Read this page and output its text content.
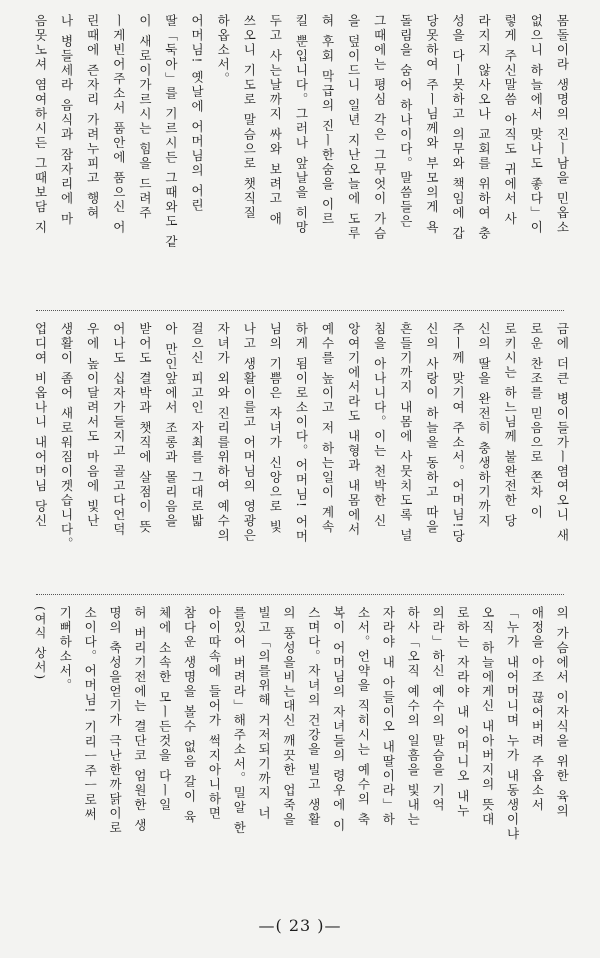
몸돌이라 생명의 진ㅣ남을 민옵소
없으니 하늘에서 맞나도 좋다」이
렇게 주신말씀 아직도 귀에서 사
라지지 않사오나 교회를 위하여 충
성을 다ㅣ못하고 의무와 책임에 갑
당못하여 주ㅣ님께와 부모의게 욕
돌림을 숨어 하나이다。말씀들은
그때에는 평심 각은 그무엇이 가슴
을 덮이드니 일년 지난오늘에 도루
혀 후회 막급의 진ㅣ한숨을 이르
킬 뿐입니다。그러나 앞날을 히망
두고 사는날까지 싸와 보려고 애
쓰오니 기도로 말슴으로 챗직질
하옵소서。
어머님! 옛날에 어머님의 어린
딸「둑아」를 기르시든 그때와도 같
이 새로이가르시는 힘을 드려주
ㅣ게빈어주소서 품안에 품으신 어
린때에 즌자리 가려누피고 행혀
나 병들세라 음식과 잠자리에 마
음못노셔 염여하시든 그때보담 지
금에 더큰 병이들가ㅣ염여오니 새
로운 찬조를 믿음으로 쫀차 이
로키시는 하느님께 불완전한 당
신의 딸을 완전히 충생하기까지
주ㅣ께 맞기여 주소서。어머님!당
신의 사랑이 하늘을 동하고 따을
흔들기까지 내몸에 사뭇치도록 널
침을 아나니다。이는 천박한 신
앙여기에서라도 내형과 내몸에서
예수를 높이고 저 하는일이 계속
하게 됨이로소이다。어머님! 어머
님의 기쁨은 자녀가 신앙으로 빛
나고 생활이를고 어머님의 영광은
자녀가 외와 진리를위하여 예수의
걸으신 피고인 자최를 그대로밟
아 만인앞에서 조롱과 몰리음을
받어도 결박과 챗직에 살점이 뜻
어나도 십자가들지고 골고다언덕
우에 높이달려서도 마음에 빛난
생활이 좀어 새로워짐이겟습니다。
업디여 비옵나니 내어머님 당신
의 가슴에서 이자식을 위한 육의
애정을 아조 끊어버려 주옵소서
「누가 내어머니며 누가 내동생이냐
오직 하늘에게신 내아버지의 뜻대
로하는 자라야 내 어머니오 내누
의라」하신 예수의 말슴을 기억
하사「오직 예수의 일흠을 빛내는
자라야 내 아들이오 내딸이라」하
소서。언약을 직히시는 예수의 축
복이 어머님의 자녀들의 령우에 이
스며다。자녀의 건강을 빌고 생활
의 풍성을비는대신 깨끗한 업죽을
빌고「의를위해 거저되기까지 너
를있어 버려라」해주소서。밀알 한
아이따속에 들어가 썩지아니하면
참다운 생명을 볼수 없음 갈이 육
체에 소속한 모ㅣ든것을 다ㅣ일
허 버리기전에는 결단코 엄원한 생
명의 축성을얻기가 극난한까닭이로
소이다。어머님! 기리ㅡ주ㅡ로써
기뻐하소서。
(여식 상서)
—( 23 )—
